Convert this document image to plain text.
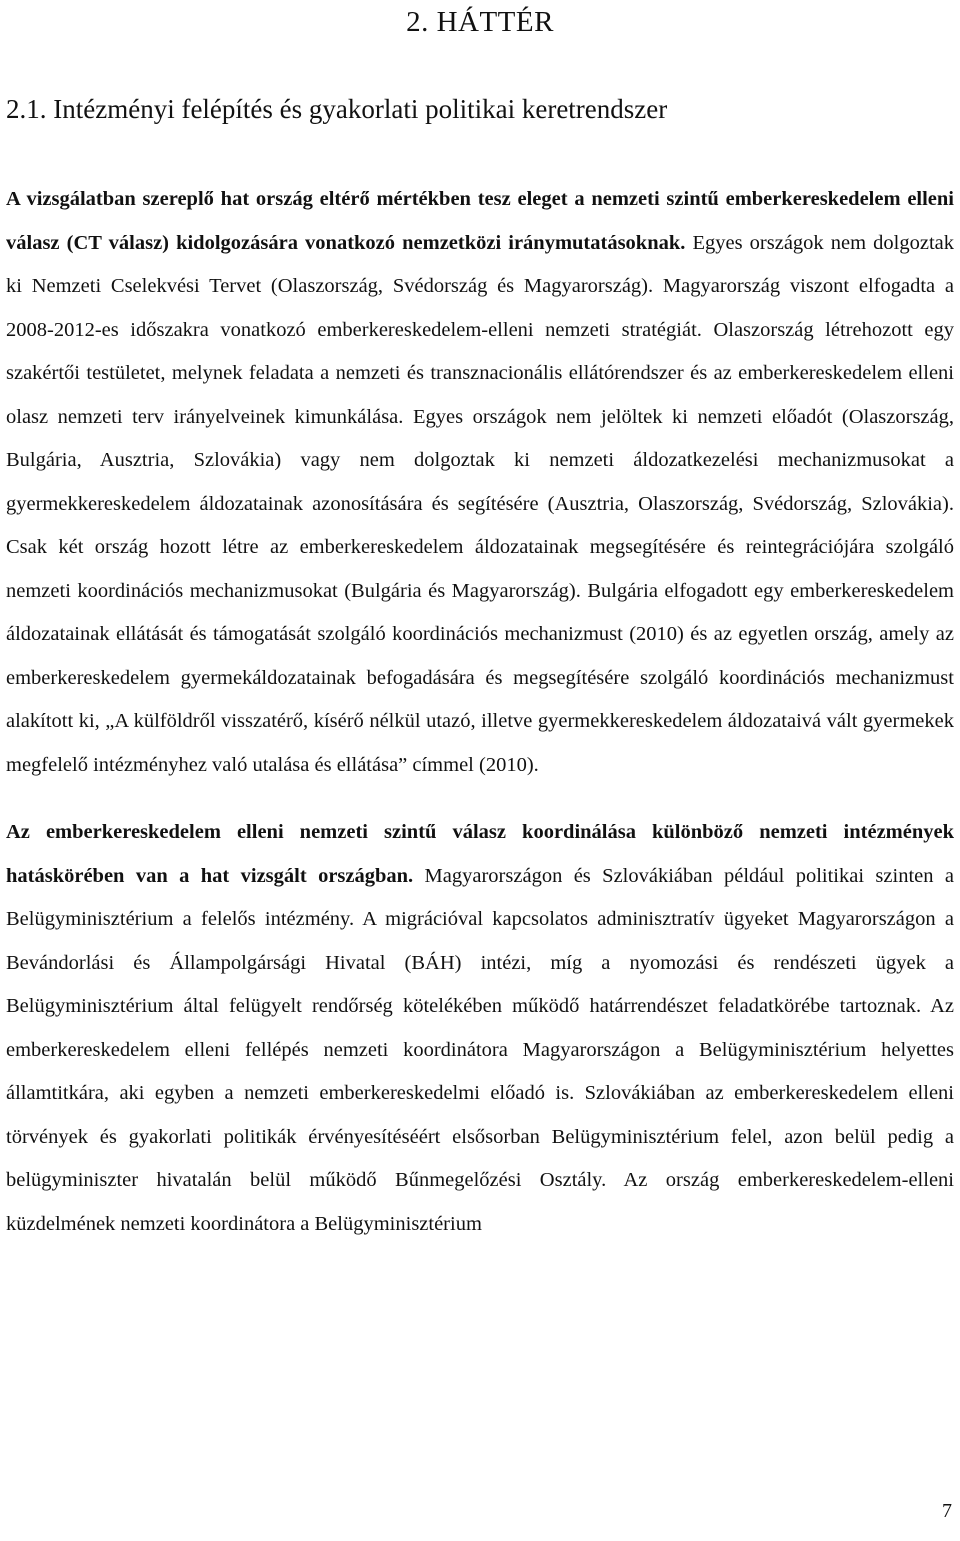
2. HÁTTÉR
2.1. Intézményi felépítés és gyakorlati politikai keretrendszer

A vizsgálatban szereplő hat ország eltérő mértékben tesz eleget a nemzeti szintű emberkereskedelem elleni válasz (CT válasz) kidolgozására vonatkozó nemzetközi iránymutatásoknak. Egyes országok nem dolgoztak ki Nemzeti Cselekvési Tervet (Olaszország, Svédország és Magyarország). Magyarország viszont elfogadta a 2008-2012-es időszakra vonatkozó emberkereskedelem-elleni nemzeti stratégiát. Olaszország létrehozott egy szakértői testületet, melynek feladata a nemzeti és transznacionális ellátórendszer és az emberkereskedelem elleni olasz nemzeti terv irányelveinek kimunkálása. Egyes országok nem jelöltek ki nemzeti előadót (Olaszország, Bulgária, Ausztria, Szlovákia) vagy nem dolgoztak ki nemzeti áldozatkezelési mechanizmusokat a gyermekkereskedelem áldozatainak azonosítására és segítésére (Ausztria, Olaszország, Svédország, Szlovákia). Csak két ország hozott létre az emberkereskedelem áldozatainak megsegítésére és reintegrációjára szolgáló nemzeti koordinációs mechanizmusokat (Bulgária és Magyarország). Bulgária elfogadott egy emberkereskedelem áldozatainak ellátását és támogatását szolgáló koordinációs mechanizmust (2010) és az egyetlen ország, amely az emberkereskedelem gyermekáldozatainak befogadására és megsegítésére szolgáló koordinációs mechanizmust alakított ki, „A külföldről visszatérő, kísérő nélkül utazó, illetve gyermekkereskedelem áldozataivá vált gyermekek megfelelő intézményhez való utalása és ellátása” címmel (2010).

Az emberkereskedelem elleni nemzeti szintű válasz koordinálása különböző nemzeti intézmények hatáskörében van a hat vizsgált országban. Magyarországon és Szlovákiában például politikai szinten a Belügyminisztérium a felelős intézmény. A migrációval kapcsolatos adminisztratív ügyeket Magyarországon a Bevándorlási és Állampolgársági Hivatal (BÁH) intézi, míg a nyomozási és rendészeti ügyek a Belügyminisztérium által felügyelt rendőrség kötelékében működő határrendészet feladatkörébe tartoznak. Az emberkereskedelem elleni fellépés nemzeti koordinátora Magyarországon a Belügyminisztérium helyettes államtitkára, aki egyben a nemzeti emberkereskedelmi előadó is. Szlovákiában az emberkereskedelem elleni törvények és gyakorlati politikák érvényesítéséért elsősorban Belügyminisztérium felel, azon belül pedig a belügyminiszter hivatalán belül működő Bűnmegelőzési Osztály. Az ország emberkereskedelem-elleni küzdelmének nemzeti koordinátora a Belügyminisztérium

7
